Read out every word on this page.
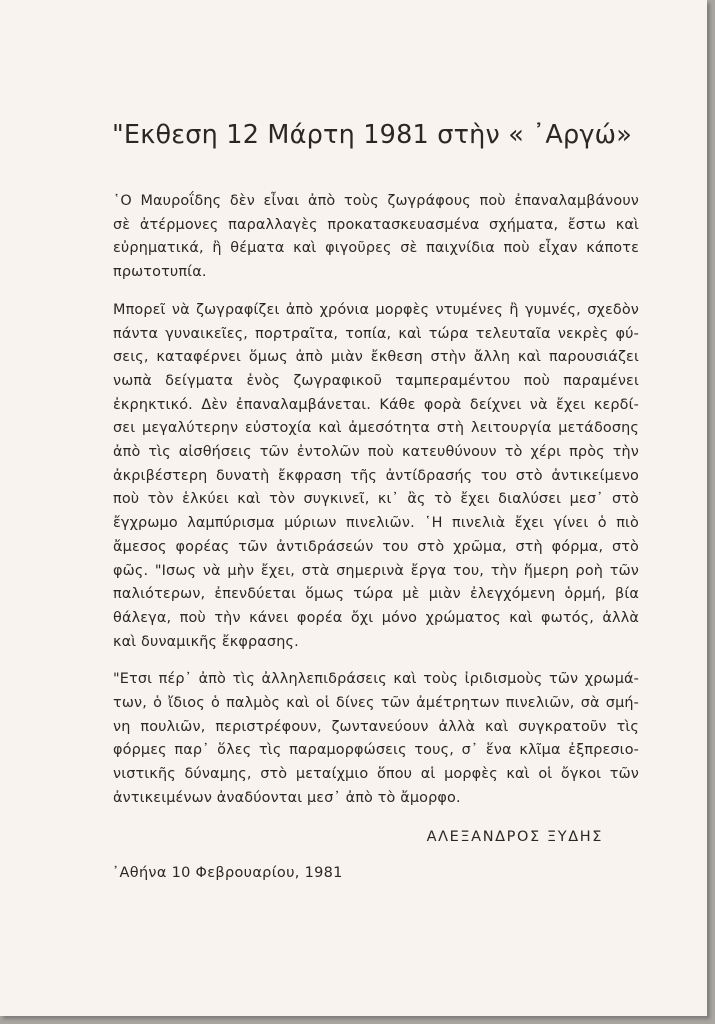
"Εκθεση 12 Μάρτη 1981 στὴν « ᾽Αργώ»
῾Ο Μαυροΐδης δὲν εἶναι ἀπὸ τοὺς ζωγράφους ποὺ ἐπαναλαμβάνουν
σὲ ἀτέρμονες παραλλαγὲς προκατασκευασμένα σχήματα, ἔστω καὶ
εὐρηματικά, ἢ θέματα καὶ φιγοῦρες σὲ παιχνίδια ποὺ εἶχαν κάποτε
πρωτοτυπία.
Μπορεῖ νὰ ζωγραφίζει ἀπὸ χρόνια μορφὲς ντυμένες ἢ γυμνές, σχεδὸν
πάντα γυναικεῖες, πορτραῖτα, τοπία, καὶ τώρα τελευταῖα νεκρὲς φύ-
σεις, καταφέρνει ὅμως ἀπὸ μιὰν ἔκθεση στὴν ἄλλη καὶ παρουσιάζει
νωπὰ δείγματα ἑνὸς ζωγραφικοῦ ταμπεραμέντου ποὺ παραμένει
ἐκρηκτικό. Δὲν ἐπαναλαμβάνεται. Κάθε φορὰ δείχνει νὰ ἔχει κερδί-
σει μεγαλύτερην εὐστοχία καὶ ἀμεσότητα στὴ λειτουργία μετάδοσης
ἀπὸ τὶς αἰσθήσεις τῶν ἐντολῶν ποὺ κατευθύνουν τὸ χέρι πρὸς τὴν
ἀκριβέστερη δυνατὴ ἔκφραση τῆς ἀντίδρασής του στὸ ἀντικείμενο
ποὺ τὸν ἑλκύει καὶ τὸν συγκινεῖ, κι᾽ ἂς τὸ ἔχει διαλύσει μεσ᾽ στὸ
ἔγχρωμο λαμπύρισμα μύριων πινελιῶν. ῾Η πινελιὰ ἔχει γίνει ὁ πιὸ
ἄμεσος φορέας τῶν ἀντιδράσεών του στὸ χρῶμα, στὴ φόρμα, στὸ
φῶς. "Ισως νὰ μὴν ἔχει, στὰ σημερινὰ ἔργα του, τὴν ἥμερη ροὴ τῶν
παλιότερων, ἐπενδύεται ὅμως τώρα μὲ μιὰν ἐλεγχόμενη ὁρμή, βία
θάλεγα, ποὺ τὴν κάνει φορέα ὄχι μόνο χρώματος καὶ φωτός, ἀλλὰ
καὶ δυναμικῆς ἔκφρασης.
"Ετσι πέρ᾽ ἀπὸ τὶς ἀλληλεπιδράσεις καὶ τοὺς ἰριδισμοὺς τῶν χρωμά-
των, ὁ ἴδιος ὁ παλμὸς καὶ οἱ δίνες τῶν ἀμέτρητων πινελιῶν, σὰ σμή-
νη πουλιῶν, περιστρέφουν, ζωντανεύουν ἀλλὰ καὶ συγκρατοῦν τὶς
φόρμες παρ᾽ ὅλες τὶς παραμορφώσεις τους, σ᾽ ἕνα κλῖμα ἐξπρεσιο-
νιστικῆς δύναμης, στὸ μεταίχμιο ὅπου αἱ μορφὲς καὶ οἱ ὄγκοι τῶν
ἀντικειμένων ἀναδύονται μεσ᾽ ἀπὸ τὸ ἄμορφο.
ΑΛΕΞΑΝΔΡΟΣ ΞΥΔΗΣ
᾽Αθήνα 10 Φεβρουαρίου, 1981
